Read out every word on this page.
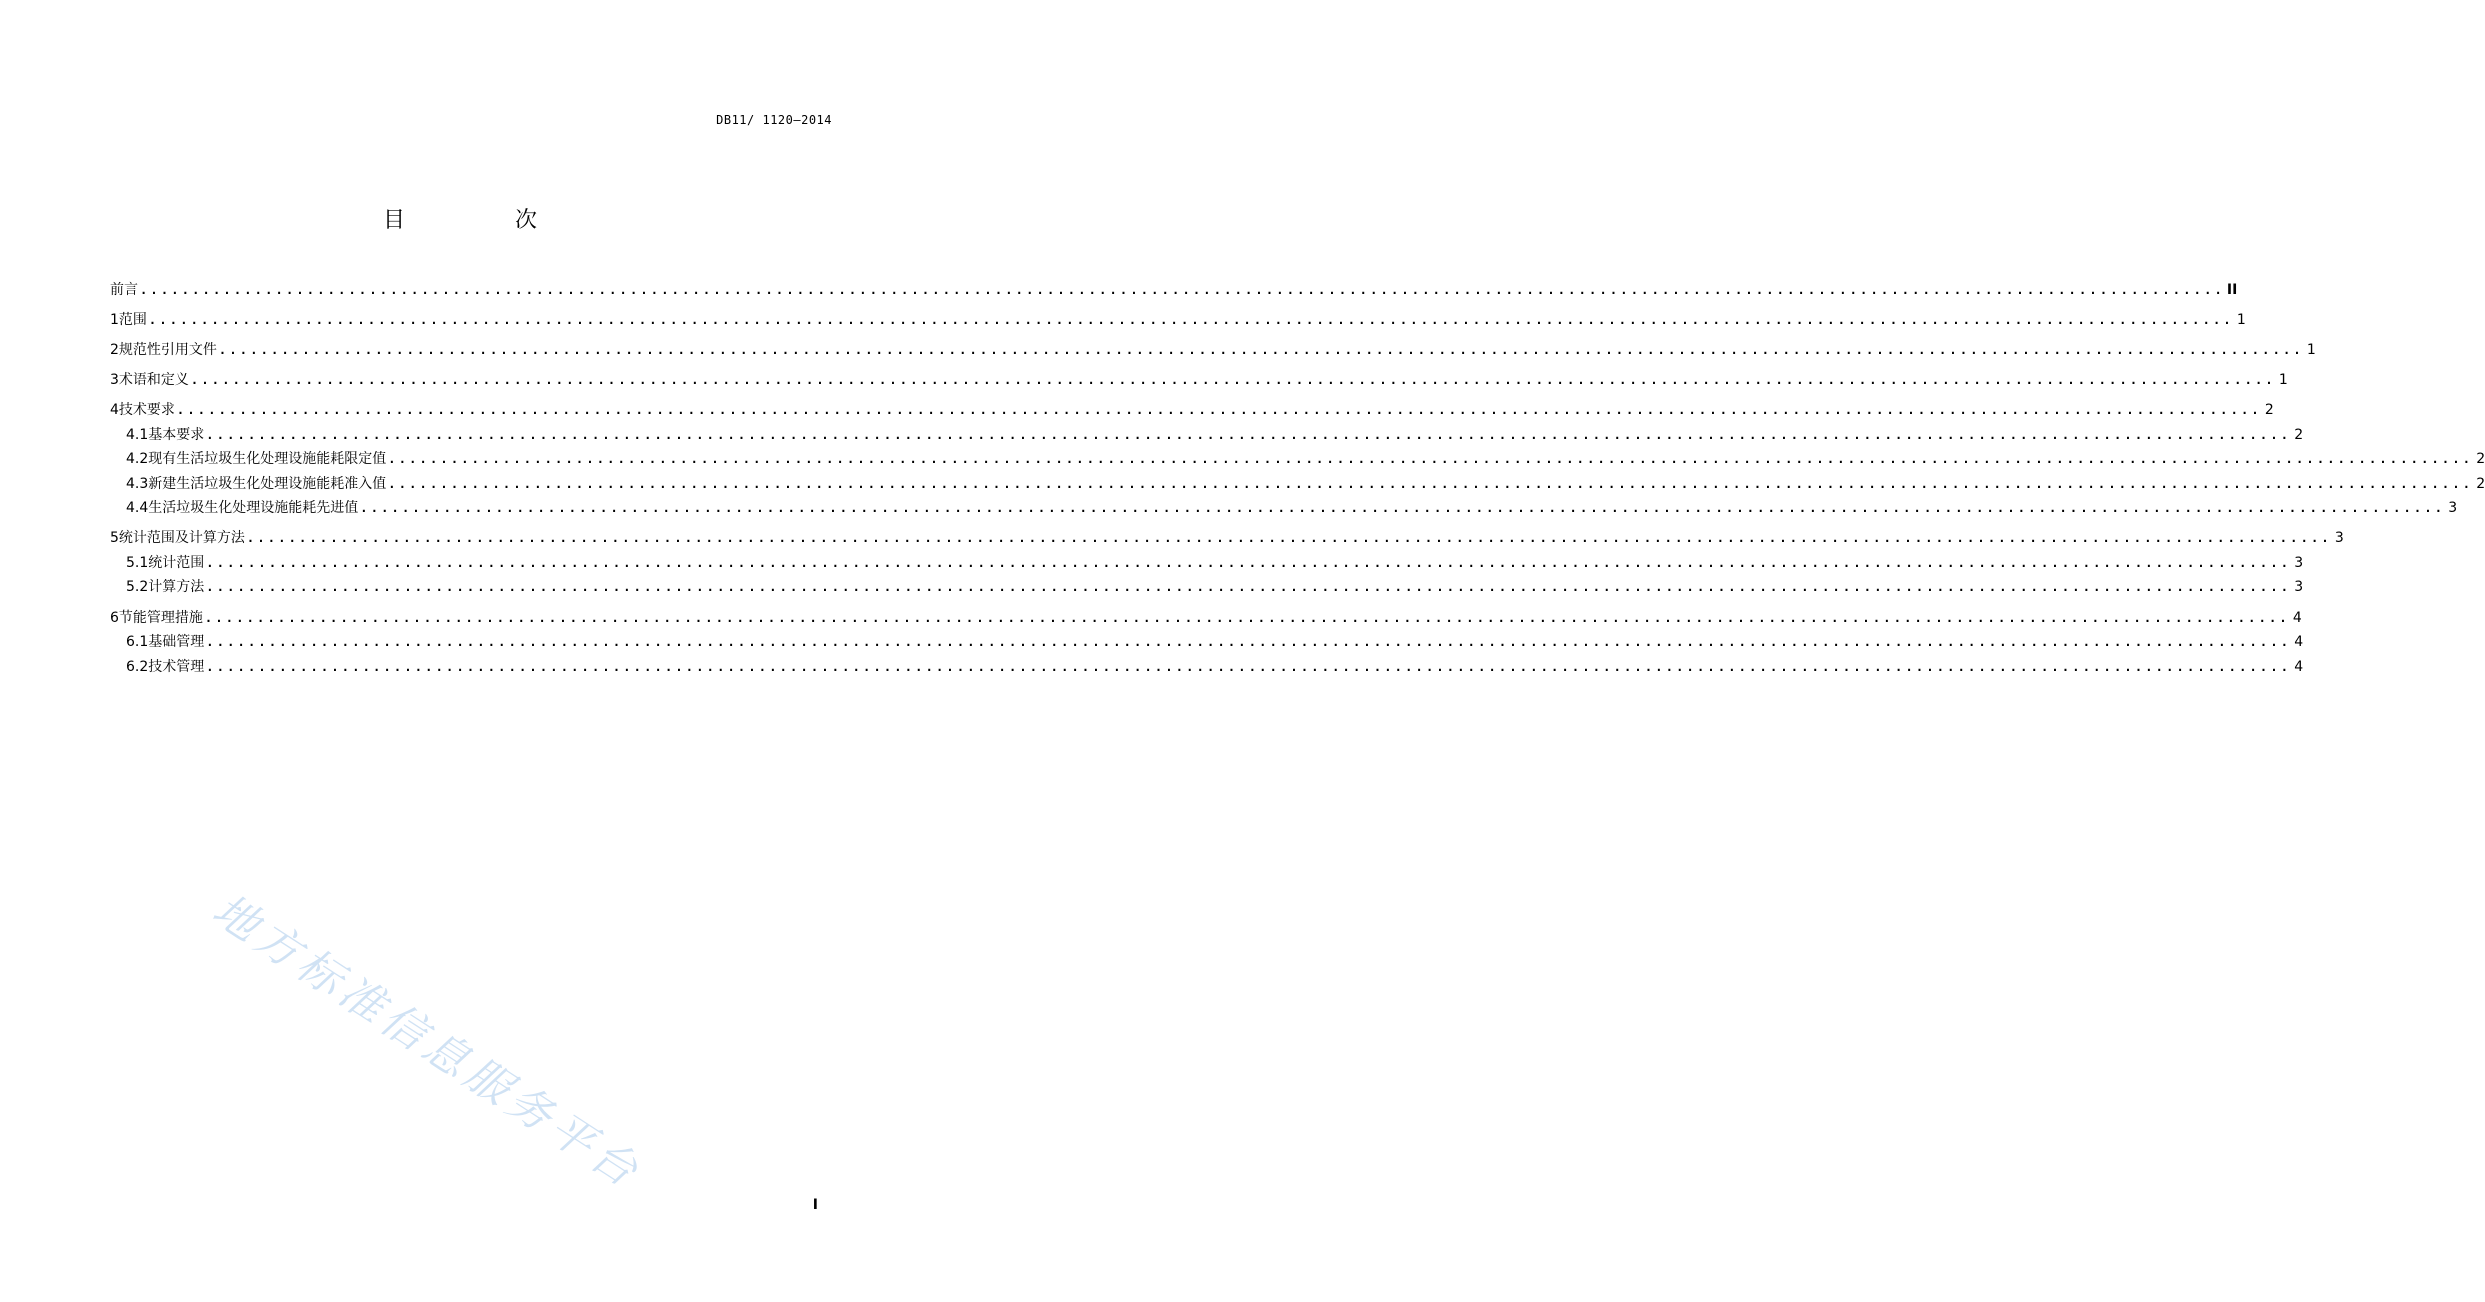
DB11/ 1120—2014
目　次
前言 ........................................................................................................................................................................................................ II
1 范围 ........................................................................................................................................................................................................ 1
2 规范性引用文件 ........................................................................................................................................................................................................ 1
3 术语和定义 ........................................................................................................................................................................................................ 1
4 技术要求 ........................................................................................................................................................................................................ 2
4.1 基本要求 ........................................................................................................................................................................................................ 2
4.2 现有生活垃圾生化处理设施能耗限定值 ........................................................................................................................................................................................................ 2
4.3 新建生活垃圾生化处理设施能耗准入值 ........................................................................................................................................................................................................ 2
4.4 生活垃圾生化处理设施能耗先进值 ........................................................................................................................................................................................................ 3
5 统计范围及计算方法 ........................................................................................................................................................................................................ 3
5.1 统计范围 ........................................................................................................................................................................................................ 3
5.2 计算方法 ........................................................................................................................................................................................................ 3
6 节能管理措施 ........................................................................................................................................................................................................ 4
6.1 基础管理 ........................................................................................................................................................................................................ 4
6.2 技术管理 ........................................................................................................................................................................................................ 4
地方标准信息服务平台
I
